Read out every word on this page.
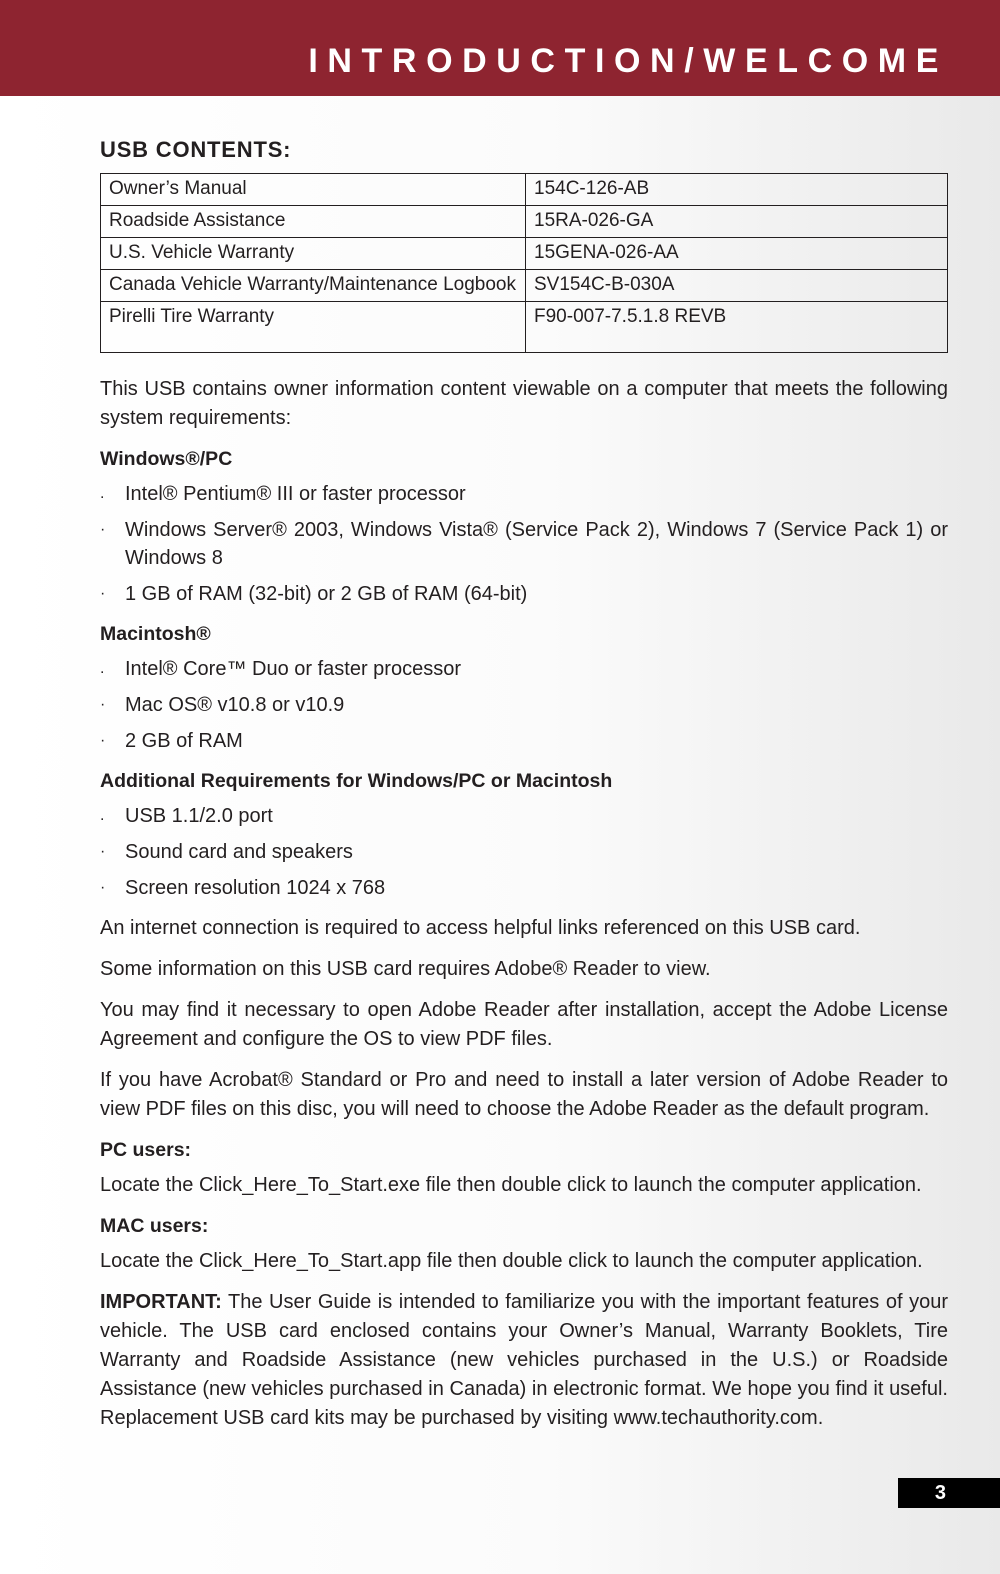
INTRODUCTION/WELCOME
USB CONTENTS:
Owner’s Manual	154C-126-AB
Roadside Assistance	15RA-026-GA
U.S. Vehicle Warranty	15GENA-026-AA
Canada Vehicle Warranty/Maintenance Logbook	SV154C-B-030A
Pirelli Tire Warranty	F90-007-7.5.1.8 REVB

This USB contains owner information content viewable on a computer that meets the following system requirements:

Windows®/PC
. Intel® Pentium® III or faster processor
· Windows Server® 2003, Windows Vista® (Service Pack 2), Windows 7 (Service Pack 1) or Windows 8
· 1 GB of RAM (32-bit) or 2 GB of RAM (64-bit)
Macintosh®
. Intel® Core™ Duo or faster processor
· Mac OS® v10.8 or v10.9
· 2 GB of RAM
Additional Requirements for Windows/PC or Macintosh
. USB 1.1/2.0 port
· Sound card and speakers
· Screen resolution 1024 x 768

An internet connection is required to access helpful links referenced on this USB card.

Some information on this USB card requires Adobe® Reader to view.

You may find it necessary to open Adobe Reader after installation, accept the Adobe License Agreement and configure the OS to view PDF files.

If you have Acrobat® Standard or Pro and need to install a later version of Adobe Reader to view PDF files on this disc, you will need to choose the Adobe Reader as the default program.

PC users:

Locate the Click_Here_To_Start.exe file then double click to launch the computer application.

MAC users:

Locate the Click_Here_To_Start.app file then double click to launch the computer application.

IMPORTANT: The User Guide is intended to familiarize you with the important features of your vehicle. The USB card enclosed contains your Owner’s Manual, Warranty Booklets, Tire Warranty and Roadside Assistance (new vehicles purchased in the U.S.) or Roadside Assistance (new vehicles purchased in Canada) in electronic format. We hope you find it useful. Replacement USB card kits may be purchased by visiting www.techauthority.com.

3
